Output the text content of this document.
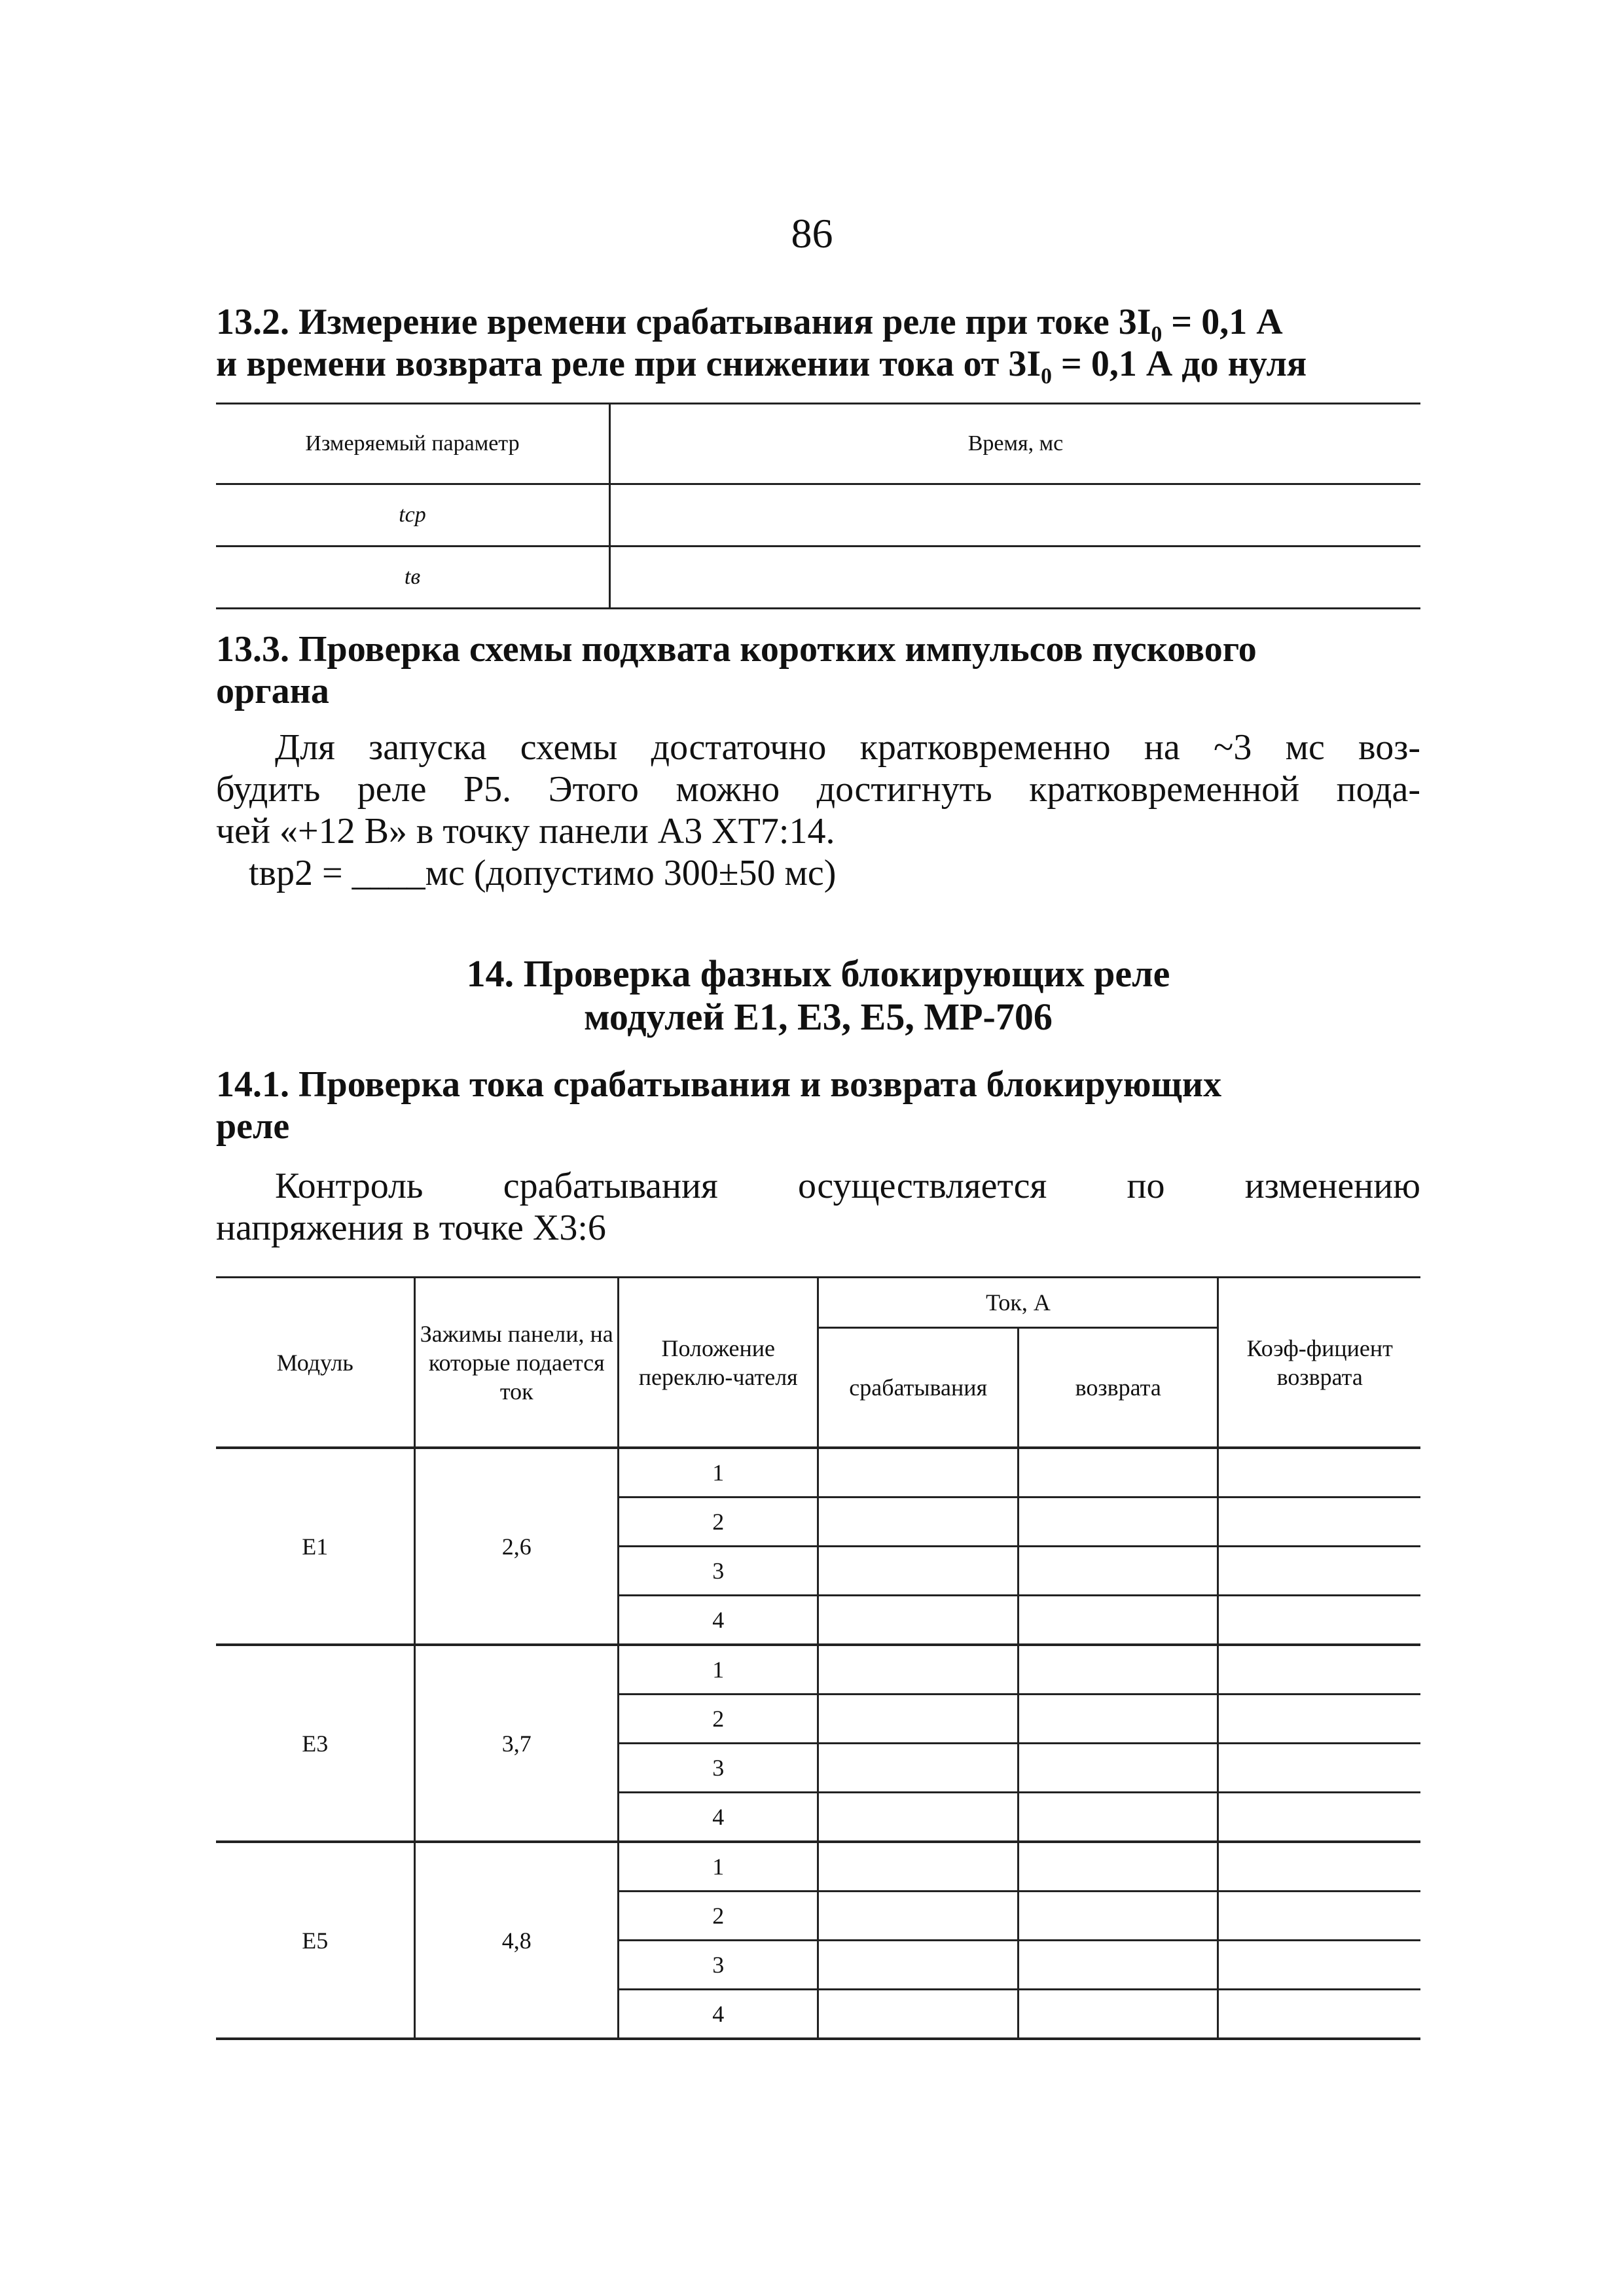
86
13.2. Измерение времени срабатывания реле при токе 3I₀ = 0,1 А
и времени возврата реле при снижении тока от 3I₀ = 0,1 А до нуля
Измеряемый параметр	Время, мс
tср	
tв	
13.3. Проверка схемы подхвата коротких импульсов пускового
органа
Для запуска схемы достаточно кратковременно на ~3 мс воз-
будить реле Р5. Этого можно достигнуть кратковременной пода-
чей «+12 В» в точку панели А3 ХТ7:14.
tвр2 = ____мс (допустимо 300±50 мс)
14. Проверка фазных блокирующих реле
модулей Е1, Е3, Е5, МР-706
14.1. Проверка тока срабатывания и возврата блокирующих
реле
Контроль срабатывания осуществляется по изменению
напряжения в точке Х3:6
Модуль	Зажимы панели, на которые подается ток	Положение переклю-чателя	Ток, А		Коэф-фициент возврата
			срабатывания	возврата	
Е1	2,6	1			
		2			
		3			
		4			
Е3	3,7	1			
		2			
		3			
		4			
Е5	4,8	1			
		2			
		3			
		4			
